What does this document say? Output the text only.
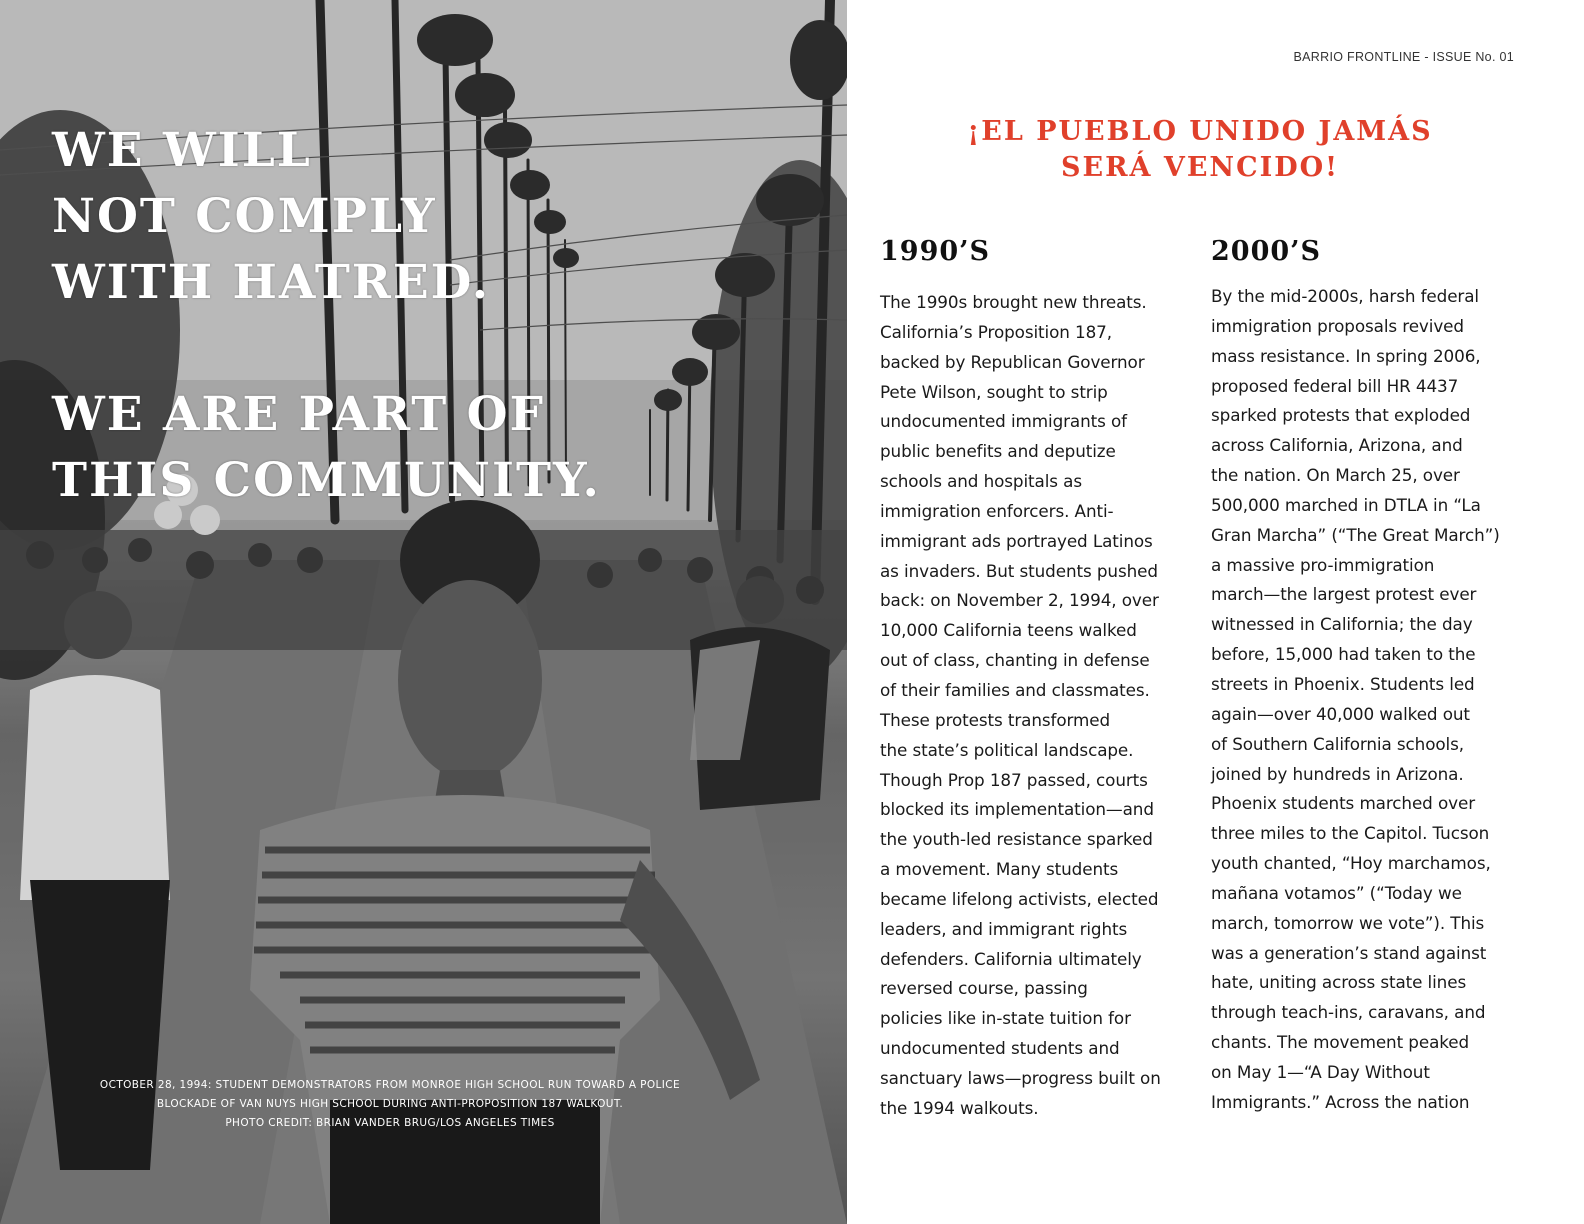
WE WILL
NOT COMPLY
WITH HATRED.
WE ARE PART OF
THIS COMMUNITY.

OCTOBER 28, 1994: STUDENT DEMONSTRATORS FROM MONROE HIGH SCHOOL RUN TOWARD A POLICE
BLOCKADE OF VAN NUYS HIGH SCHOOL DURING ANTI-PROPOSITION 187 WALKOUT.
PHOTO CREDIT: BRIAN VANDER BRUG/LOS ANGELES TIMES

BARRIO FRONTLINE - ISSUE No. 01

¡EL PUEBLO UNIDO JAMÁS
SERÁ VENCIDO!
1990’S

The 1990s brought new threats.
California’s Proposition 187,
backed by Republican Governor
Pete Wilson, sought to strip
undocumented immigrants of
public benefits and deputize
schools and hospitals as
immigration enforcers. Anti-
immigrant ads portrayed Latinos
as invaders. But students pushed
back: on November 2, 1994, over
10,000 California teens walked
out of class, chanting in defense
of their families and classmates.
These protests transformed
the state’s political landscape.
Though Prop 187 passed, courts
blocked its implementation—and
the youth-led resistance sparked
a movement. Many students
became lifelong activists, elected
leaders, and immigrant rights
defenders. California ultimately
reversed course, passing
policies like in-state tuition for
undocumented students and
sanctuary laws—progress built on
the 1994 walkouts.

2000’S

By the mid-2000s, harsh federal
immigration proposals revived
mass resistance. In spring 2006,
proposed federal bill HR 4437
sparked protests that exploded
across California, Arizona, and
the nation. On March 25, over
500,000 marched in DTLA in “La
Gran Marcha” (“The Great March”)
a massive pro-immigration
march—the largest protest ever
witnessed in California; the day
before, 15,000 had taken to the
streets in Phoenix. Students led
again—over 40,000 walked out
of Southern California schools,
joined by hundreds in Arizona.
Phoenix students marched over
three miles to the Capitol. Tucson
youth chanted, “Hoy marchamos,
mañana votamos” (“Today we
march, tomorrow we vote”). This
was a generation’s stand against
hate, uniting across state lines
through teach-ins, caravans, and
chants. The movement peaked
on May 1—“A Day Without
Immigrants.” Across the nation
